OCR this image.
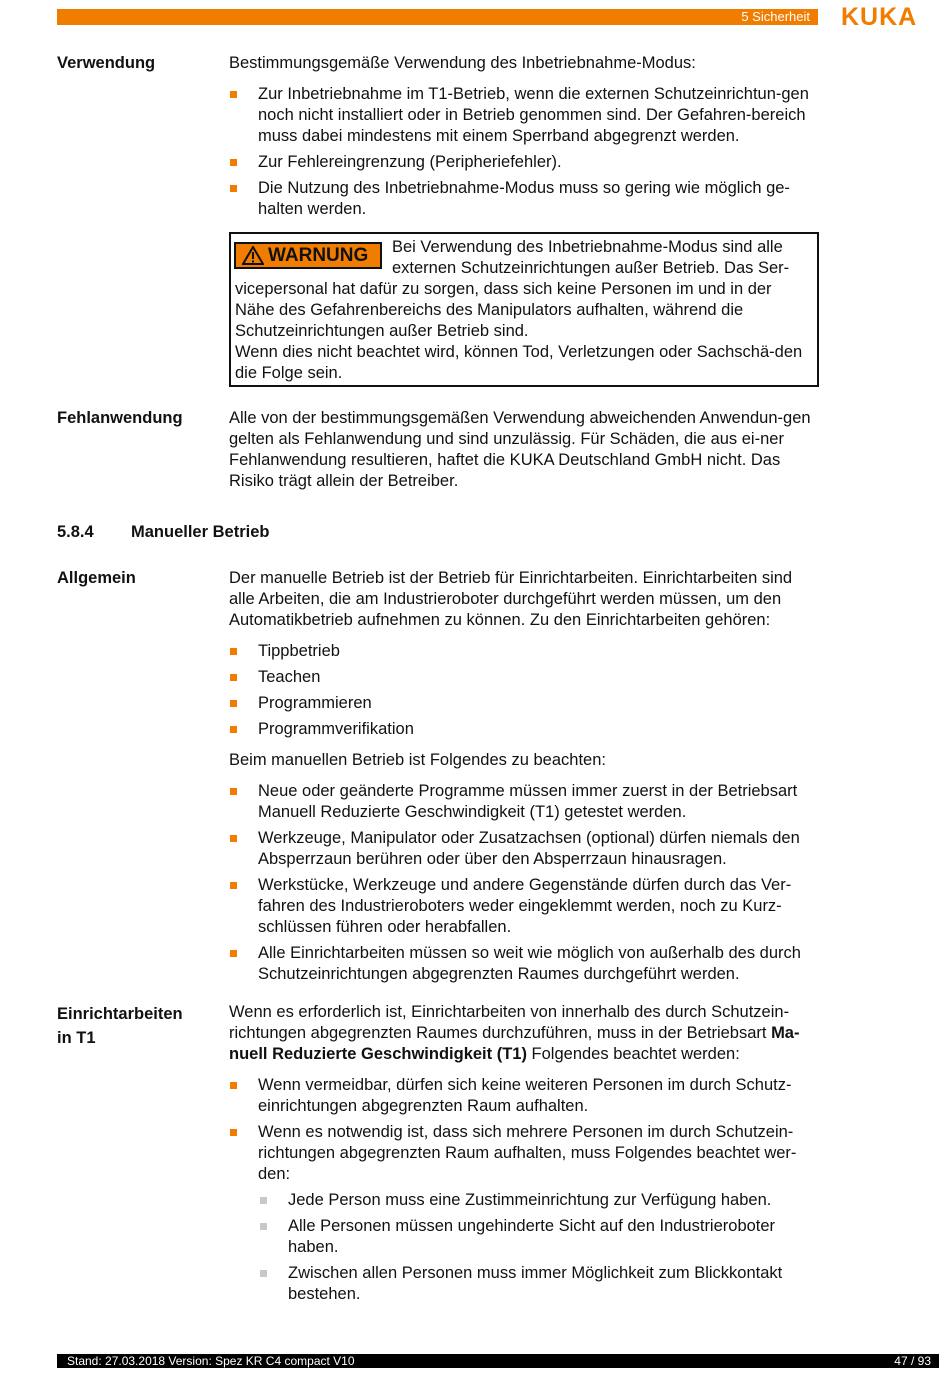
5 Sicherheit KUKA
Verwendung	Bestimmungsgemäße Verwendung des Inbetriebnahme-Modus:

Zur Inbetriebnahme im T1-Betrieb, wenn die externen Schutzeinrichtun-gen noch nicht installiert oder in Betrieb genommen sind. Der Gefahren-bereich muss dabei mindestens mit einem Sperrband abgegrenzt werden.
Zur Fehlereingrenzung (Peripheriefehler).
Die Nutzung des Inbetriebnahme-Modus muss so gering wie möglich ge-halten werden.
WARNUNG	Bei Verwendung des Inbetriebnahme-Modus sind alle
externen Schutzeinrichtungen außer Betrieb. Das Ser-
vicepersonal hat dafür zu sorgen, dass sich keine Personen im und in der Nähe des Gefahrenbereichs des Manipulators aufhalten, während die Schutzeinrichtungen außer Betrieb sind.
Wenn dies nicht beachtet wird, können Tod, Verletzungen oder Sachschä-den die Folge sein.
Fehlanwendung	Alle von der bestimmungsgemäßen Verwendung abweichenden Anwendun-gen gelten als Fehlanwendung und sind unzulässig. Für Schäden, die aus ei-ner Fehlanwendung resultieren, haftet die KUKA Deutschland GmbH nicht. Das Risiko trägt allein der Betreiber.
5.8.4 Manueller Betrieb
Allgemein	Der manuelle Betrieb ist der Betrieb für Einrichtarbeiten. Einrichtarbeiten sind alle Arbeiten, die am Industrieroboter durchgeführt werden müssen, um den Automatikbetrieb aufnehmen zu können. Zu den Einrichtarbeiten gehören:

Tippbetrieb
Teachen
Programmieren
Programmverifikation

Beim manuellen Betrieb ist Folgendes zu beachten:

Neue oder geänderte Programme müssen immer zuerst in der Betriebsart Manuell Reduzierte Geschwindigkeit (T1) getestet werden.
Werkzeuge, Manipulator oder Zusatzachsen (optional) dürfen niemals den Absperrzaun berühren oder über den Absperrzaun hinausragen.
Werkstücke, Werkzeuge und andere Gegenstände dürfen durch das Ver-fahren des Industrieroboters weder eingeklemmt werden, noch zu Kurz-schlüssen führen oder herabfallen.
Alle Einrichtarbeiten müssen so weit wie möglich von außerhalb des durch Schutzeinrichtungen abgegrenzten Raumes durchgeführt werden.
Einrichtarbeiten
in T1

Wenn es erforderlich ist, Einrichtarbeiten von innerhalb des durch Schutzein-richtungen abgegrenzten Raumes durchzuführen, muss in der Betriebsart Ma-nuell Reduzierte Geschwindigkeit (T1) Folgendes beachtet werden:

Wenn vermeidbar, dürfen sich keine weiteren Personen im durch Schutz-einrichtungen abgegrenzten Raum aufhalten.
Wenn es notwendig ist, dass sich mehrere Personen im durch Schutzein-richtungen abgegrenzten Raum aufhalten, muss Folgendes beachtet wer-den:
Jede Person muss eine Zustimmeinrichtung zur Verfügung haben.
Alle Personen müssen ungehinderte Sicht auf den Industrieroboter haben.
Zwischen allen Personen muss immer Möglichkeit zum Blickkontakt bestehen.
Stand: 27.03.2018 Version: Spez KR C4 compact V10	47 / 93
